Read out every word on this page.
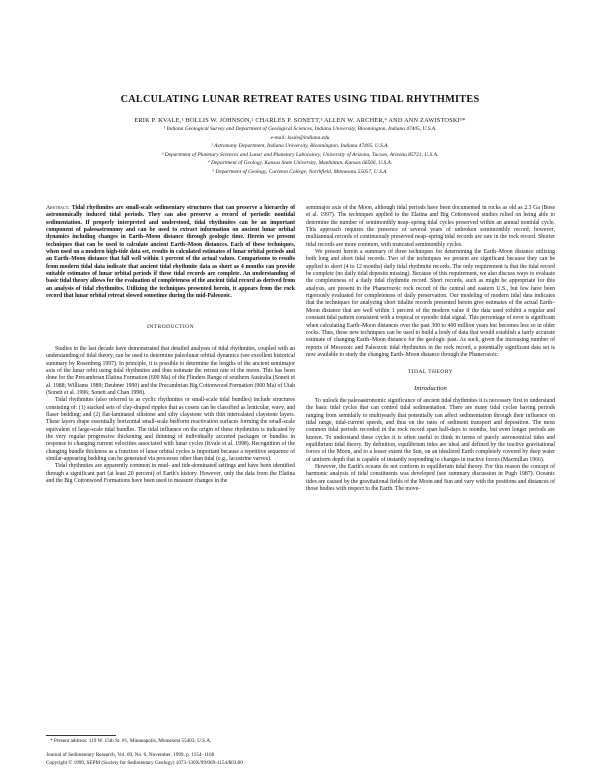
CALCULATING LUNAR RETREAT RATES USING TIDAL RHYTHMITES
ERIK P. KVALE,¹ HOLLIS W. JOHNSON,² CHARLES P. SONETT,³ ALLEN W. ARCHER,⁴ AND ANN ZAWISTOSKI⁵*
¹ Indiana Geological Survey and Department of Geological Sciences, Indiana University, Bloomington, Indiana 47405, U.S.A.
e-mail: kvale@indiana.edu
² Astronomy Department, Indiana University, Bloomington, Indiana 47405, U.S.A.
³ Department of Planetary Sciences and Lunar and Planetary Laboratory, University of Arizona, Tucson, Arizona 85721, U.S.A.
⁴ Department of Geology, Kansas State University, Manhattan, Kansas 66506, U.S.A.
⁵ Department of Geology, Carleton College, Northfield, Minnesota 55057, U.S.A.

Abstract: Tidal rhythmites are small-scale sedimentary structures that can preserve a hierarchy of astronomically induced tidal periods. They can also preserve a record of periodic nontidal sedimentation. If properly interpreted and understood, tidal rhythmites can be an important component of paleoastronomy and can be used to extract information on ancient lunar orbital dynamics including changes in Earth–Moon distance through geologic time. Herein we present techniques that can be used to calculate ancient Earth–Moon distances. Each of these techniques, when used on a modern high-tide data set, results in calculated estimates of lunar orbital periods and an Earth–Moon distance that fall well within 1 percent of the actual values. Comparisons to results from modern tidal data indicate that ancient tidal rhythmite data as short as 4 months can provide suitable estimates of lunar orbital periods if these tidal records are complete. An understanding of basic tidal theory allows for the evaluation of completeness of the ancient tidal record as derived from an analysis of tidal rhythmites. Utilizing the techniques presented herein, it appears from the rock record that lunar orbital retreat slowed sometime during the mid-Paleozoic.

INTRODUCTION

Studies in the last decade have demonstrated that detailed analyses of tidal rhythmites, coupled with an understanding of tidal theory, can be used to determine paleolunar orbital dynamics (see excellent historical summary by Rosenberg 1997). In principle, it is possible to determine the lengths of the ancient semimajor axis of the lunar orbit using tidal rhythmites and thus estimate the retreat rate of the moon. This has been done for the Precambrian Elatina Formation (600 Ma) of the Flinders Range of southern Australia (Sonett et al. 1988; Williams 1989; Deubner 1990) and the Precambrian Big Cottonwood Formation (900 Ma) of Utah (Sonett et al. 1996; Sonett and Chan 1998).

Tidal rhythmites (also referred to as cyclic rhythmites or small-scale tidal bundles) include structures consisting of: (1) stacked sets of clay-draped ripples that as cosets can be classified as lenticular, wavy, and flaser bedding; and (2) flat-laminated siltstone and silty claystone with thin intercalated claystone layers. These layers drape essentially horizontal small-scale bedform reactivation surfaces forming the small-scale equivalent of large-scale tidal bundles. The tidal influence on the origin of these rhythmites is indicated by the very regular progressive thickening and thinning of individually accreted packages or bundles in response to changing current velocities associated with lunar cycles (Kvale et al. 1998). Recognition of the changing bundle thickness as a function of lunar orbital cycles is important because a repetitive sequence of similar-appearing bedding can be generated via processes other than tidal (e.g., lacustrine varves).

Tidal rhythmites are apparently common in mud- and tide-dominated settings and have been identified through a significant part (at least 20 percent) of Earth's history. However, only the data from the Elatina and the Big Cottonwood Formations have been used to measure changes in the

semimajor axis of the Moon, although tidal periods have been documented in rocks as old as 2.3 Ga (Bose et al. 1997). The techniques applied to the Elatina and Big Cottonwood studies relied on being able to determine the number of semimonthly neap–spring tidal cycles preserved within an annual nontidal cycle. This approach requires the presence of several years of unbroken semimonthly record; however, multiannual records of continuously preserved neap–spring tidal records are rare in the rock record. Shorter tidal records are more common, with truncated semimonthly cycles.

We present herein a summary of three techniques for determining the Earth–Moon distance utilizing both long and short tidal records. Two of the techniques we present are significant because they can be applied to short (4 to 12 months) daily tidal rhythmite records. The only requirement is that the tidal record be complete (no daily tidal deposits missing). Because of this requirement, we also discuss ways to evaluate the completeness of a daily tidal rhythmite record. Short records, such as might be appropriate for this analysis, are present in the Phanerozoic rock record of the central and eastern U.S., but few have been rigorously evaluated for completeness of daily preservation. Our modeling of modern tidal data indicates that the techniques for analyzing short tidalite records presented herein give estimates of the actual Earth–Moon distance that are well within 1 percent of the modern value if the data used exhibit a regular and constant tidal pattern consistent with a tropical or synodic tidal signal. This percentage of error is significant when calculating Earth–Moon distances over the past 300 to 400 million years but becomes less so in older rocks. Thus, these new techniques can be used to build a body of data that would establish a fairly accurate estimate of changing Earth–Moon distance for the geologic past. As such, given the increasing number of reports of Mesozoic and Paleozoic tidal rhythmites in the rock record, a potentially significant data set is now available to study the changing Earth–Moon distance through the Phanerozoic.

TIDAL THEORY
Introduction

To unlock the paleoastronomic significance of ancient tidal rhythmites it is necessary first to understand the basic tidal cycles that can control tidal sedimentation. There are many tidal cycles having periods ranging from semidaily to multiyearly that potentially can affect sedimentation through their influence on tidal range, tidal-current speeds, and thus on the rates of sediment transport and deposition. The most common tidal periods recorded in the rock record span half-days to months, but even longer periods are known. To understand these cycles it is often useful to think in terms of purely astronomical tides and equilibrium tidal theory. By definition, equilibrium tides are ideal and defined by the tractive gravitational forces of the Moon, and to a lesser extent the Sun, on an idealized Earth completely covered by deep water of uniform depth that is capable of instantly responding to changes in tractive forces (Macmillan 1966).

However, the Earth's oceans do not conform to equilibrium tidal theory. For this reason the concept of harmonic analysis of tidal constituents was developed (see summary discussion in Pugh 1987). Oceanic tides are caused by the gravitational fields of the Moon and Sun and vary with the positions and distances of those bodies with respect to the Earth. The move-

* Present address: 119 W. 15th St. #1, Minneapolis, Minnesota 55403, U.S.A.
Journal of Sedimentary Research, Vol. 69, No. 6, November, 1999, p. 1154–1168
Copyright © 1999, SEPM (Society for Sedimentary Geology) 1073-130X/99/069-1154/$03.00
